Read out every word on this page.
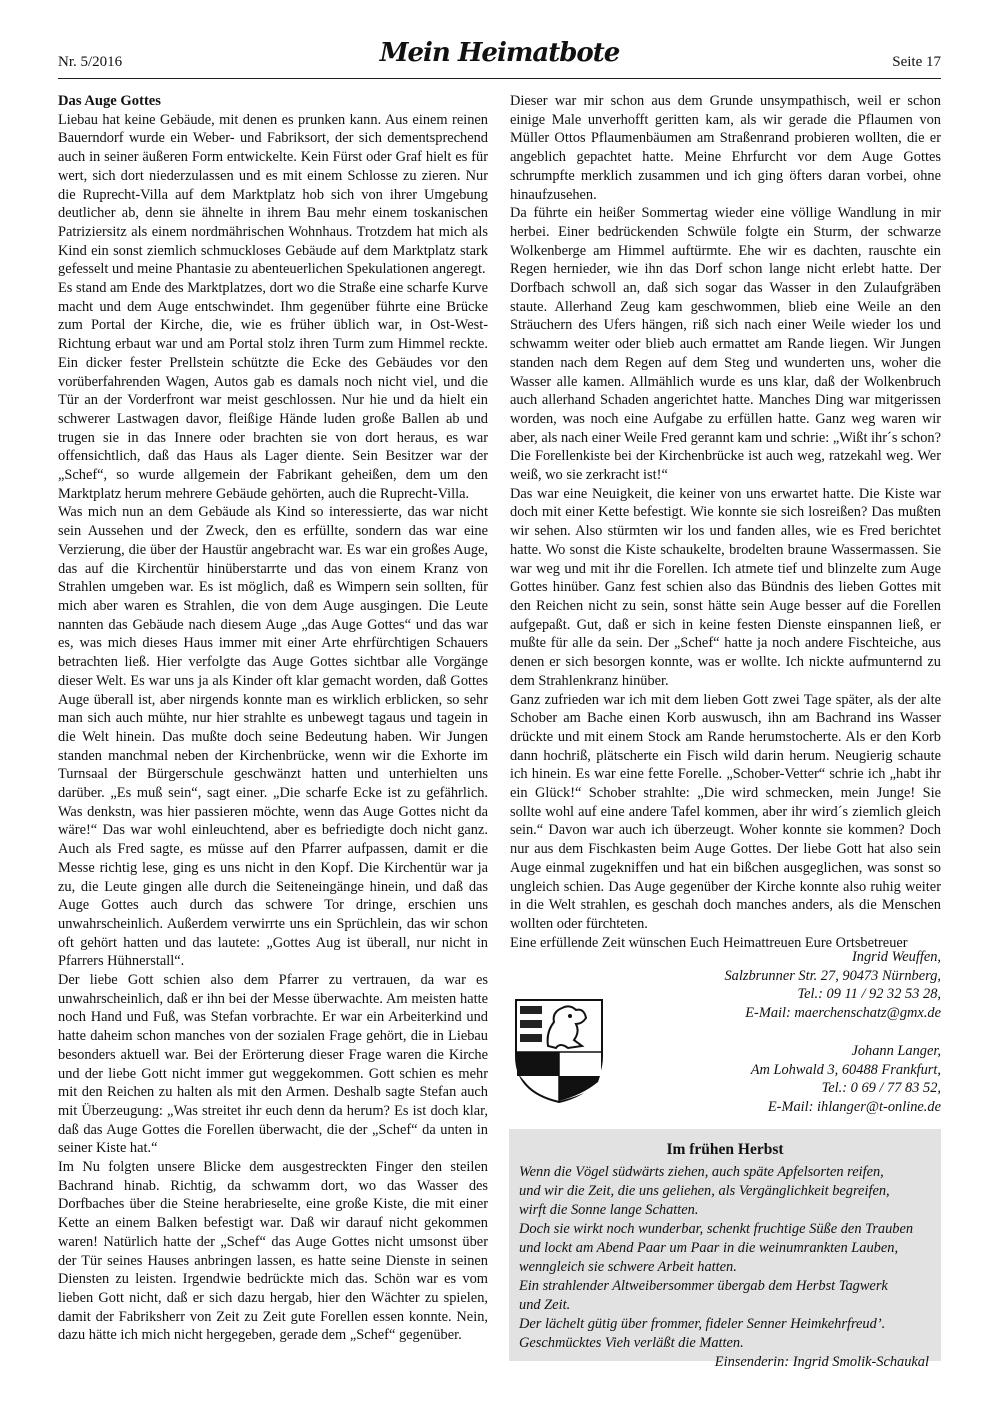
Nr. 5/2016	Mein Heimatbote	Seite 17

Das Auge Gottes

Liebau hat keine Gebäude, mit denen es prunken kann. Aus einem reinen Bauerndorf wurde ein Weber- und Fabriksort, der sich dementsprechend auch in seiner äußeren Form entwickelte. Kein Fürst oder Graf hielt es für wert, sich dort niederzulassen und es mit einem Schlosse zu zieren. Nur die Ruprecht-Villa auf dem Marktplatz hob sich von ihrer Umgebung deutlicher ab, denn sie ähnelte in ihrem Bau mehr einem toskanischen Patriziersitz als einem nordmährischen Wohnhaus. Trotzdem hat mich als Kind ein sonst ziemlich schmuckloses Gebäude auf dem Marktplatz stark gefesselt und meine Phantasie zu abenteuerlichen Spekulationen angeregt.

Es stand am Ende des Marktplatzes, dort wo die Straße eine scharfe Kurve macht und dem Auge entschwindet. Ihm gegenüber führte eine Brücke zum Portal der Kirche, die, wie es früher üblich war, in Ost-West-Richtung erbaut war und am Portal stolz ihren Turm zum Himmel reckte. Ein dicker fester Prellstein schützte die Ecke des Gebäudes vor den vorüberfahrenden Wagen, Autos gab es damals noch nicht viel, und die Tür an der Vorderfront war meist geschlossen. Nur hie und da hielt ein schwerer Lastwagen davor, fleißige Hände luden große Ballen ab und trugen sie in das Innere oder brachten sie von dort heraus, es war offensichtlich, daß das Haus als Lager diente. Sein Besitzer war der „Schef“, so wurde allgemein der Fabrikant geheißen, dem um den Marktplatz herum mehrere Gebäude gehörten, auch die Ruprecht-Villa.

Was mich nun an dem Gebäude als Kind so interessierte, das war nicht sein Aussehen und der Zweck, den es erfüllte, sondern das war eine Verzierung, die über der Haustür angebracht war. Es war ein großes Auge, das auf die Kirchentür hinüberstarrte und das von einem Kranz von Strahlen umgeben war. Es ist möglich, daß es Wimpern sein sollten, für mich aber waren es Strahlen, die von dem Auge ausgingen. Die Leute nannten das Gebäude nach diesem Auge „das Auge Gottes“ und das war es, was mich dieses Haus immer mit einer Arte ehrfürchtigen Schauers betrachten ließ. Hier verfolgte das Auge Gottes sichtbar alle Vorgänge dieser Welt. Es war uns ja als Kinder oft klar gemacht worden, daß Gottes Auge überall ist, aber nirgends konnte man es wirklich erblicken, so sehr man sich auch mühte, nur hier strahlte es unbewegt tagaus und tagein in die Welt hinein. Das mußte doch seine Bedeutung haben. Wir Jungen standen manchmal neben der Kirchenbrücke, wenn wir die Exhorte im Turnsaal der Bürgerschule geschwänzt hatten und unterhielten uns darüber. „Es muß sein“, sagt einer. „Die scharfe Ecke ist zu gefährlich. Was denkstn, was hier passieren möchte, wenn das Auge Gottes nicht da wäre!“ Das war wohl einleuchtend, aber es befriedigte doch nicht ganz. Auch als Fred sagte, es müsse auf den Pfarrer aufpassen, damit er die Messe richtig lese, ging es uns nicht in den Kopf. Die Kirchentür war ja zu, die Leute gingen alle durch die Seiteneingänge hinein, und daß das Auge Gottes auch durch das schwere Tor dringe, erschien uns unwahrscheinlich. Außerdem verwirrte uns ein Sprüchlein, das wir schon oft gehört hatten und das lautete: „Gottes Aug ist überall, nur nicht in Pfarrers Hühnerstall“.

Der liebe Gott schien also dem Pfarrer zu vertrauen, da war es unwahrscheinlich, daß er ihn bei der Messe überwachte. Am meisten hatte noch Hand und Fuß, was Stefan vorbrachte. Er war ein Arbeiterkind und hatte daheim schon manches von der sozialen Frage gehört, die in Liebau besonders aktuell war. Bei der Erörterung dieser Frage waren die Kirche und der liebe Gott nicht immer gut weggekommen. Gott schien es mehr mit den Reichen zu halten als mit den Armen. Deshalb sagte Stefan auch mit Überzeugung: „Was streitet ihr euch denn da herum? Es ist doch klar, daß das Auge Gottes die Forellen überwacht, die der „Schef“ da unten in seiner Kiste hat.“

Im Nu folgten unsere Blicke dem ausgestreckten Finger den steilen Bachrand hinab. Richtig, da schwamm dort, wo das Wasser des Dorfbaches über die Steine herabrieselte, eine große Kiste, die mit einer Kette an einem Balken befestigt war. Daß wir darauf nicht gekommen waren! Natürlich hatte der „Schef“ das Auge Gottes nicht umsonst über der Tür seines Hauses anbringen lassen, es hatte seine Dienste in seinen Diensten zu leisten. Irgendwie bedrückte mich das. Schön war es vom lieben Gott nicht, daß er sich dazu hergab, hier den Wächter zu spielen, damit der Fabriksherr von Zeit zu Zeit gute Forellen essen konnte. Nein, dazu hätte ich mich nicht hergegeben, gerade dem „Schef“ gegenüber.

Dieser war mir schon aus dem Grunde unsympathisch, weil er schon einige Male unverhofft geritten kam, als wir gerade die Pflaumen von Müller Ottos Pflaumenbäumen am Straßenrand probieren wollten, die er angeblich gepachtet hatte. Meine Ehrfurcht vor dem Auge Gottes schrumpfte merklich zusammen und ich ging öfters daran vorbei, ohne hinaufzusehen.

Da führte ein heißer Sommertag wieder eine völlige Wandlung in mir herbei. Einer bedrückenden Schwüle folgte ein Sturm, der schwarze Wolkenberge am Himmel auftürmte. Ehe wir es dachten, rauschte ein Regen hernieder, wie ihn das Dorf schon lange nicht erlebt hatte. Der Dorfbach schwoll an, daß sich sogar das Wasser in den Zulaufgräben staute. Allerhand Zeug kam geschwommen, blieb eine Weile an den Sträuchern des Ufers hängen, riß sich nach einer Weile wieder los und schwamm weiter oder blieb auch ermattet am Rande liegen. Wir Jungen standen nach dem Regen auf dem Steg und wunderten uns, woher die Wasser alle kamen. Allmählich wurde es uns klar, daß der Wolkenbruch auch allerhand Schaden angerichtet hatte. Manches Ding war mitgerissen worden, was noch eine Aufgabe zu erfüllen hatte. Ganz weg waren wir aber, als nach einer Weile Fred gerannt kam und schrie: „Wißt ihr´s schon? Die Forellenkiste bei der Kirchenbrücke ist auch weg, ratzekahl weg. Wer weiß, wo sie zerkracht ist!“

Das war eine Neuigkeit, die keiner von uns erwartet hatte. Die Kiste war doch mit einer Kette befestigt. Wie konnte sie sich losreißen? Das mußten wir sehen. Also stürmten wir los und fanden alles, wie es Fred berichtet hatte. Wo sonst die Kiste schaukelte, brodelten braune Wassermassen. Sie war weg und mit ihr die Forellen. Ich atmete tief und blinzelte zum Auge Gottes hinüber. Ganz fest schien also das Bündnis des lieben Gottes mit den Reichen nicht zu sein, sonst hätte sein Auge besser auf die Forellen aufgepaßt. Gut, daß er sich in keine festen Dienste einspannen ließ, er mußte für alle da sein. Der „Schef“ hatte ja noch andere Fischteiche, aus denen er sich besorgen konnte, was er wollte. Ich nickte aufmunternd zu dem Strahlenkranz hinüber.

Ganz zufrieden war ich mit dem lieben Gott zwei Tage später, als der alte Schober am Bache einen Korb auswusch, ihn am Bachrand ins Wasser drückte und mit einem Stock am Rande herumstocherte. Als er den Korb dann hochriß, plätscherte ein Fisch wild darin herum. Neugierig schaute ich hinein. Es war eine fette Forelle. „Schober-Vetter“ schrie ich „habt ihr ein Glück!“ Schober strahlte: „Die wird schmecken, mein Junge! Sie sollte wohl auf eine andere Tafel kommen, aber ihr wird´s ziemlich gleich sein.“ Davon war auch ich überzeugt. Woher konnte sie kommen? Doch nur aus dem Fischkasten beim Auge Gottes. Der liebe Gott hat also sein Auge einmal zugekniffen und hat ein bißchen ausgeglichen, was sonst so ungleich schien. Das Auge gegenüber der Kirche konnte also ruhig weiter in die Welt strahlen, es geschah doch manches anders, als die Menschen wollten oder fürchteten.

Eine erfüllende Zeit wünschen Euch Heimattreuen Eure Ortsbetreuer

Ingrid Weuffen,
Salzbrunner Str. 27, 90473 Nürnberg,
Tel.: 09 11 / 92 32 53 28,
E-Mail: maerchenschatz@gmx.de
Johann Langer,
Am Lohwald 3, 60488 Frankfurt,
Tel.: 0 69 / 77 83 52,
E-Mail: ihlanger@t-online.de
Im frühen Herbst
Wenn die Vögel südwärts ziehen, auch späte Apfelsorten reifen,
und wir die Zeit, die uns geliehen, als Vergänglichkeit begreifen,
wirft die Sonne lange Schatten.
Doch sie wirkt noch wunderbar, schenkt fruchtige Süße den Trauben
und lockt am Abend Paar um Paar in die weinumrankten Lauben,
wenngleich sie schwere Arbeit hatten.
Ein strahlender Altweibersommer übergab dem Herbst Tagwerk
und Zeit.
Der lächelt gütig über frommer, fideler Senner Heimkehrfreud’.
Geschmücktes Vieh verläßt die Matten.
Einsenderin: Ingrid Smolik-Schaukal
